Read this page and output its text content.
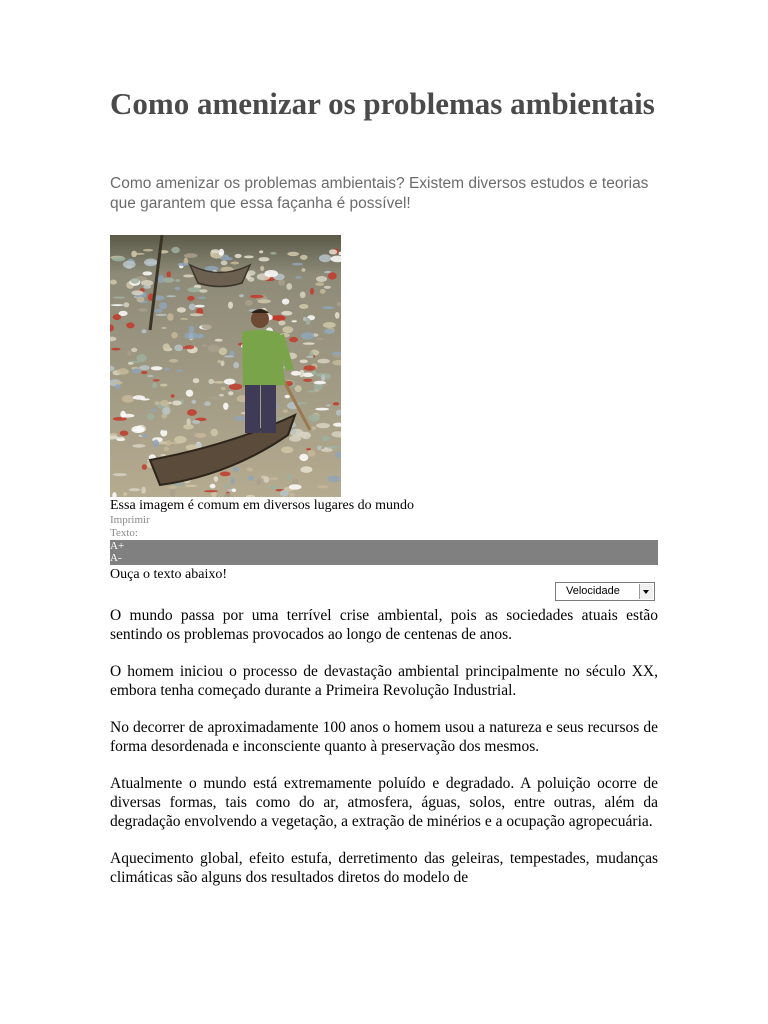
Como amenizar os problemas ambientais

Como amenizar os problemas ambientais? Existem diversos estudos e teorias que garantem que essa façanha é possível!

Essa imagem é comum em diversos lugares do mundo
Imprimir
Texto:
A+
A-
Ouça o texto abaixo!
Velocidade

O mundo passa por uma terrível crise ambiental, pois as sociedades atuais estão sentindo os problemas provocados ao longo de centenas de anos.

O homem iniciou o processo de devastação ambiental principalmente no século XX, embora tenha começado durante a Primeira Revolução Industrial.

No decorrer de aproximadamente 100 anos o homem usou a natureza e seus recursos de forma desordenada e inconsciente quanto à preservação dos mesmos.

Atualmente o mundo está extremamente poluído e degradado. A poluição ocorre de diversas formas, tais como do ar, atmosfera, águas, solos, entre outras, além da degradação envolvendo a vegetação, a extração de minérios e a ocupação agropecuária.

Aquecimento global, efeito estufa, derretimento das geleiras, tempestades, mudanças climáticas são alguns dos resultados diretos do modelo de
